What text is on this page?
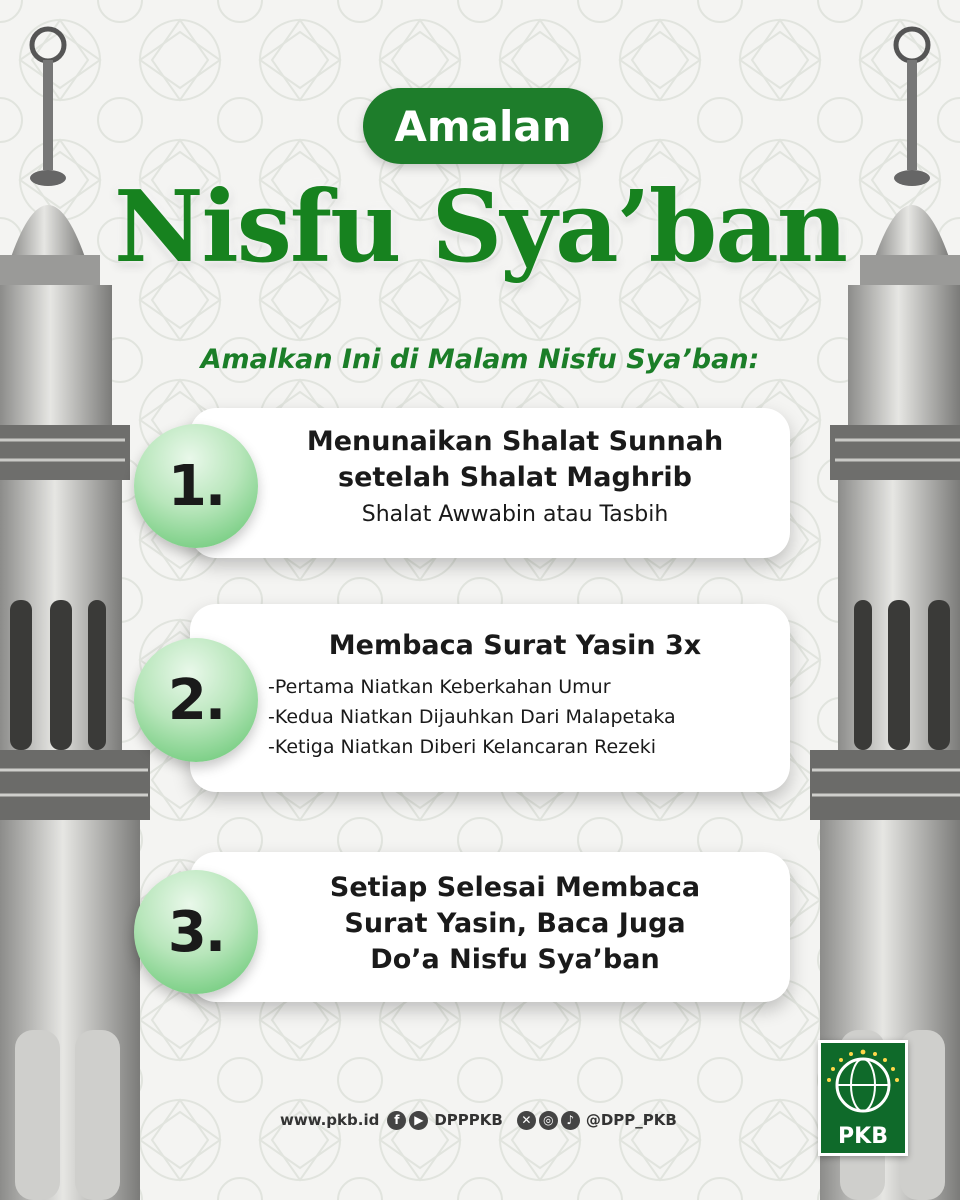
Amalan
Nisfu Sya’ban
Amalkan Ini di Malam Nisfu Sya’ban:
1.
Menunaikan Shalat Sunnah
setelah Shalat Maghrib
Shalat Awwabin atau Tasbih
2.
Membaca Surat Yasin 3x
-Pertama Niatkan Keberkahan Umur
-Kedua Niatkan Dijauhkan Dari Malapetaka
-Ketiga Niatkan Diberi Kelancaran Rezeki
3.
Setiap Selesai Membaca
Surat Yasin, Baca Juga
Do’a Nisfu Sya’ban
www.pkb.id	f	▶ DPPPKB	✕ ◎	♪ @DPP_PKB
PKB
